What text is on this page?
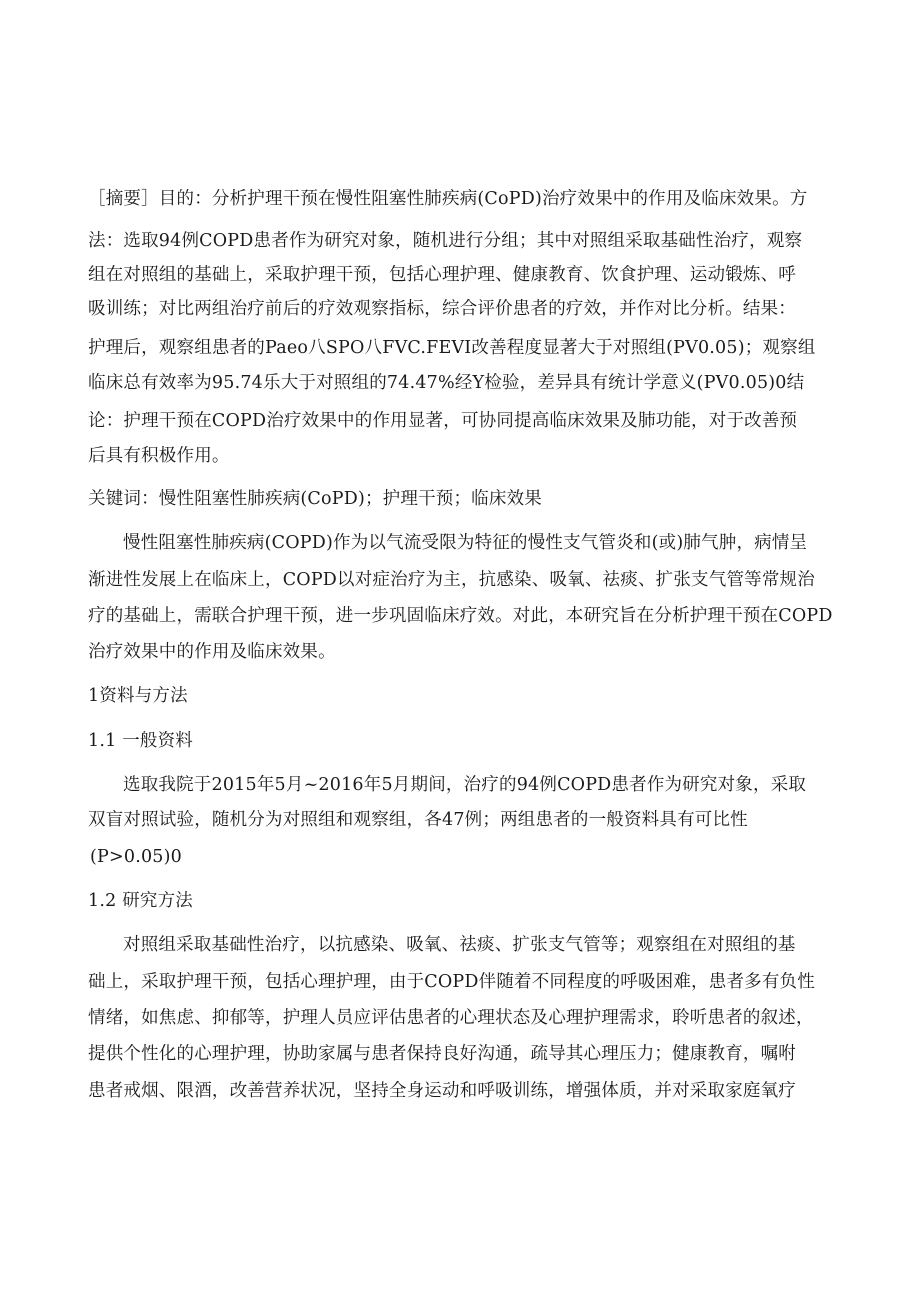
［摘要］目的：分析护理干预在慢性阻塞性肺疾病(CoPD)治疗效果中的作用及临床效果。方
法：选取94例COPD患者作为研究对象，随机进行分组；其中对照组采取基础性治疗，观察
组在对照组的基础上，采取护理干预，包括心理护理、健康教育、饮食护理、运动锻炼、呼
吸训练；对比两组治疗前后的疗效观察指标，综合评价患者的疗效，并作对比分析。结果：
护理后，观察组患者的Paeo八SPO八FVC.FEVI改善程度显著大于对照组(PV0.05)；观察组
临床总有效率为95.74乐大于对照组的74.47%经Y检验，差异具有统计学意义(PV0.05)0结
论：护理干预在COPD治疗效果中的作用显著，可协同提高临床效果及肺功能，对于改善预
后具有积极作用。
关键词：慢性阻塞性肺疾病(CoPD)；护理干预；临床效果
慢性阻塞性肺疾病(COPD)作为以气流受限为特征的慢性支气管炎和(或)肺气肿，病情呈
渐进性发展上在临床上，COPD以对症治疗为主，抗感染、吸氧、祛痰、扩张支气管等常规治
疗的基础上，需联合护理干预，进一步巩固临床疗效。对此，本研究旨在分析护理干预在COPD
治疗效果中的作用及临床效果。
1资料与方法
1.1 一般资料
选取我院于2015年5月~2016年5月期间，治疗的94例COPD患者作为研究对象，采取
双盲对照试验，随机分为对照组和观察组，各47例；两组患者的一般资料具有可比性
(P>0.05)0
1.2 研究方法
对照组采取基础性治疗，以抗感染、吸氧、祛痰、扩张支气管等；观察组在对照组的基
础上，采取护理干预，包括心理护理，由于COPD伴随着不同程度的呼吸困难，患者多有负性
情绪，如焦虑、抑郁等，护理人员应评估患者的心理状态及心理护理需求，聆听患者的叙述，
提供个性化的心理护理，协助家属与患者保持良好沟通，疏导其心理压力；健康教育，嘱咐
患者戒烟、限酒，改善营养状况，坚持全身运动和呼吸训练，增强体质，并对采取家庭氧疗
